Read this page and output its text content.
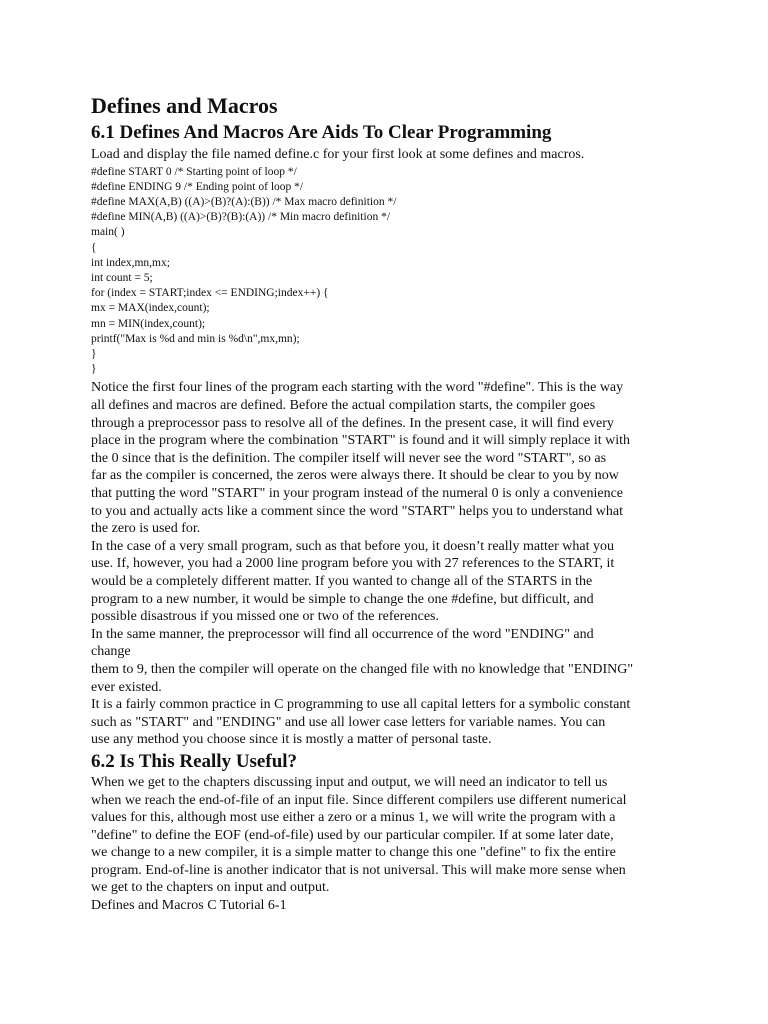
Defines and Macros
6.1 Defines And Macros Are Aids To Clear Programming

Load and display the file named define.c for your first look at some defines and macros.

#define START 0 /* Starting point of loop */
#define ENDING 9 /* Ending point of loop */
#define MAX(A,B) ((A)>(B)?(A):(B)) /* Max macro definition */
#define MIN(A,B) ((A)>(B)?(B):(A)) /* Min macro definition */
main( )
{
int index,mn,mx;
int count = 5;
for (index = START;index <= ENDING;index++) {
mx = MAX(index,count);
mn = MIN(index,count);
printf("Max is %d and min is %d\n",mx,mn);
}
}
Notice the first four lines of the program each starting with the word "#define". This is the way
all defines and macros are defined. Before the actual compilation starts, the compiler goes
through a preprocessor pass to resolve all of the defines. In the present case, it will find every
place in the program where the combination "START" is found and it will simply replace it with
the 0 since that is the definition. The compiler itself will never see the word "START", so as
far as the compiler is concerned, the zeros were always there. It should be clear to you by now
that putting the word "START" in your program instead of the numeral 0 is only a convenience
to you and actually acts like a comment since the word "START" helps you to understand what
the zero is used for.
In the case of a very small program, such as that before you, it doesn’t really matter what you
use. If, however, you had a 2000 line program before you with 27 references to the START, it
would be a completely different matter. If you wanted to change all of the STARTS in the
program to a new number, it would be simple to change the one #define, but difficult, and
possible disastrous if you missed one or two of the references.
In the same manner, the preprocessor will find all occurrence of the word "ENDING" and
change
them to 9, then the compiler will operate on the changed file with no knowledge that "ENDING"
ever existed.
It is a fairly common practice in C programming to use all capital letters for a symbolic constant
such as "START" and "ENDING" and use all lower case letters for variable names. You can
use any method you choose since it is mostly a matter of personal taste.
6.2 Is This Really Useful?
When we get to the chapters discussing input and output, we will need an indicator to tell us
when we reach the end-of-file of an input file. Since different compilers use different numerical
values for this, although most use either a zero or a minus 1, we will write the program with a
"define" to define the EOF (end-of-file) used by our particular compiler. If at some later date,
we change to a new compiler, it is a simple matter to change this one "define" to fix the entire
program. End-of-line is another indicator that is not universal. This will make more sense when
we get to the chapters on input and output.

Defines and Macros C Tutorial 6-1
